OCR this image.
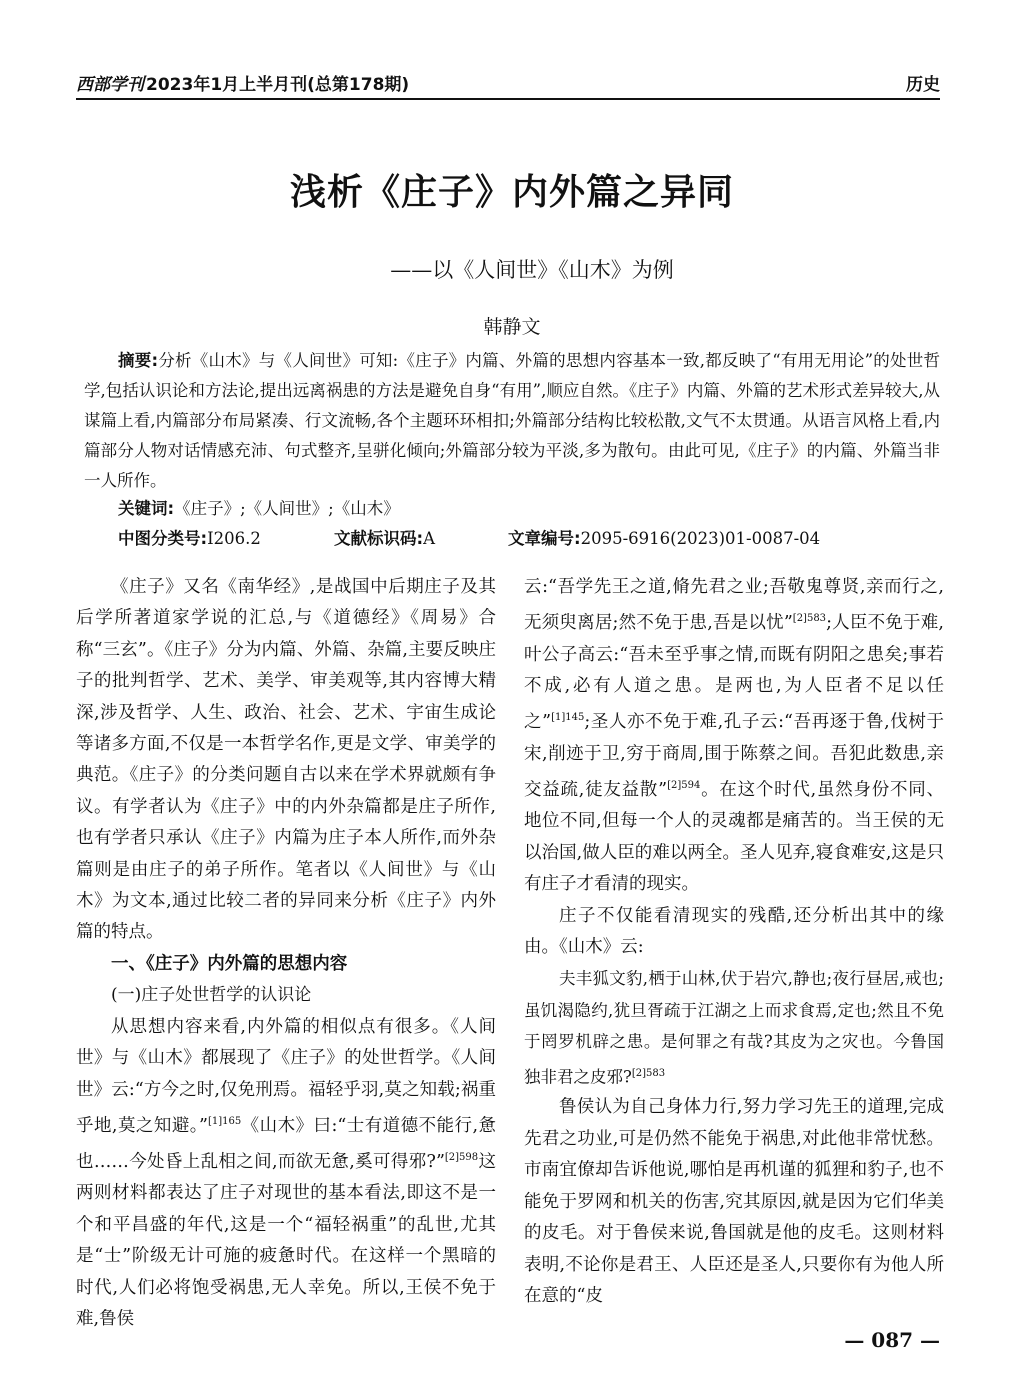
西部学刊 2023年1月上半月刊(总第178期)	历史
浅析《庄子》内外篇之异同
——以《人间世》《山木》为例
韩静文
摘要:分析《山木》与《人间世》可知:《庄子》内篇、外篇的思想内容基本一致,都反映了“有用无用论”的处世哲学,包括认识论和方法论,提出远离祸患的方法是避免自身“有用”,顺应自然。《庄子》内篇、外篇的艺术形式差异较大,从谋篇上看,内篇部分布局紧凑、行文流畅,各个主题环环相扣;外篇部分结构比较松散,文气不太贯通。从语言风格上看,内篇部分人物对话情感充沛、句式整齐,呈骈化倾向;外篇部分较为平淡,多为散句。由此可见,《庄子》的内篇、外篇当非一人所作。
关键词:《庄子》;《人间世》;《山木》
中图分类号:I206.2	文献标识码:A	文章编号:2095-6916(2023)01-0087-04

《庄子》又名《南华经》,是战国中后期庄子及其后学所著道家学说的汇总,与《道德经》《周易》合称“三玄”。《庄子》分为内篇、外篇、杂篇,主要反映庄子的批判哲学、艺术、美学、审美观等,其内容博大精深,涉及哲学、人生、政治、社会、艺术、宇宙生成论等诸多方面,不仅是一本哲学名作,更是文学、审美学的典范。《庄子》的分类问题自古以来在学术界就颇有争议。有学者认为《庄子》中的内外杂篇都是庄子所作,也有学者只承认《庄子》内篇为庄子本人所作,而外杂篇则是由庄子的弟子所作。笔者以《人间世》与《山木》为文本,通过比较二者的异同来分析《庄子》内外篇的特点。

一、《庄子》内外篇的思想内容
(一)庄子处世哲学的认识论

从思想内容来看,内外篇的相似点有很多。《人间世》与《山木》都展现了《庄子》的处世哲学。《人间世》云:“方今之时,仅免刑焉。福轻乎羽,莫之知载;祸重乎地,莫之知避。”$^{[1]165}$《山木》曰:“士有道德不能行,惫也……今处昏上乱相之间,而欲无惫,奚可得邪?”$^{[2]598}$这两则材料都表达了庄子对现世的基本看法,即这不是一个和平昌盛的年代,这是一个“福轻祸重”的乱世,尤其是“士”阶级无计可施的疲惫时代。在这样一个黑暗的时代,人们必将饱受祸患,无人幸免。所以,王侯不免于难,鲁侯

云:“吾学先王之道,脩先君之业;吾敬鬼尊贤,亲而行之,无须臾离居;然不免于患,吾是以忧”$^{[2]583}$;人臣不免于难,叶公子高云:“吾未至乎事之情,而既有阴阳之患矣;事若不成,必有人道之患。是两也,为人臣者不足以任之”$^{[1]145}$;圣人亦不免于难,孔子云:“吾再逐于鲁,伐树于宋,削迹于卫,穷于商周,围于陈蔡之间。吾犯此数患,亲交益疏,徒友益散”$^{[2]594}$。在这个时代,虽然身份不同、地位不同,但每一个人的灵魂都是痛苦的。当王侯的无以治国,做人臣的难以两全。圣人见弃,寝食难安,这是只有庄子才看清的现实。

庄子不仅能看清现实的残酷,还分析出其中的缘由。《山木》云:

夫丰狐文豹,栖于山林,伏于岩穴,静也;夜行昼居,戒也;虽饥渴隐约,犹旦胥疏于江湖之上而求食焉,定也;然且不免于罔罗机辟之患。是何罪之有哉?其皮为之灾也。今鲁国独非君之皮邪?$^{[2]583}$

鲁侯认为自己身体力行,努力学习先王的道理,完成先君之功业,可是仍然不能免于祸患,对此他非常忧愁。市南宜僚却告诉他说,哪怕是再机谨的狐狸和豹子,也不能免于罗网和机关的伤害,究其原因,就是因为它们华美的皮毛。对于鲁侯来说,鲁国就是他的皮毛。这则材料表明,不论你是君王、人臣还是圣人,只要你有为他人所在意的“皮

— 087 —
